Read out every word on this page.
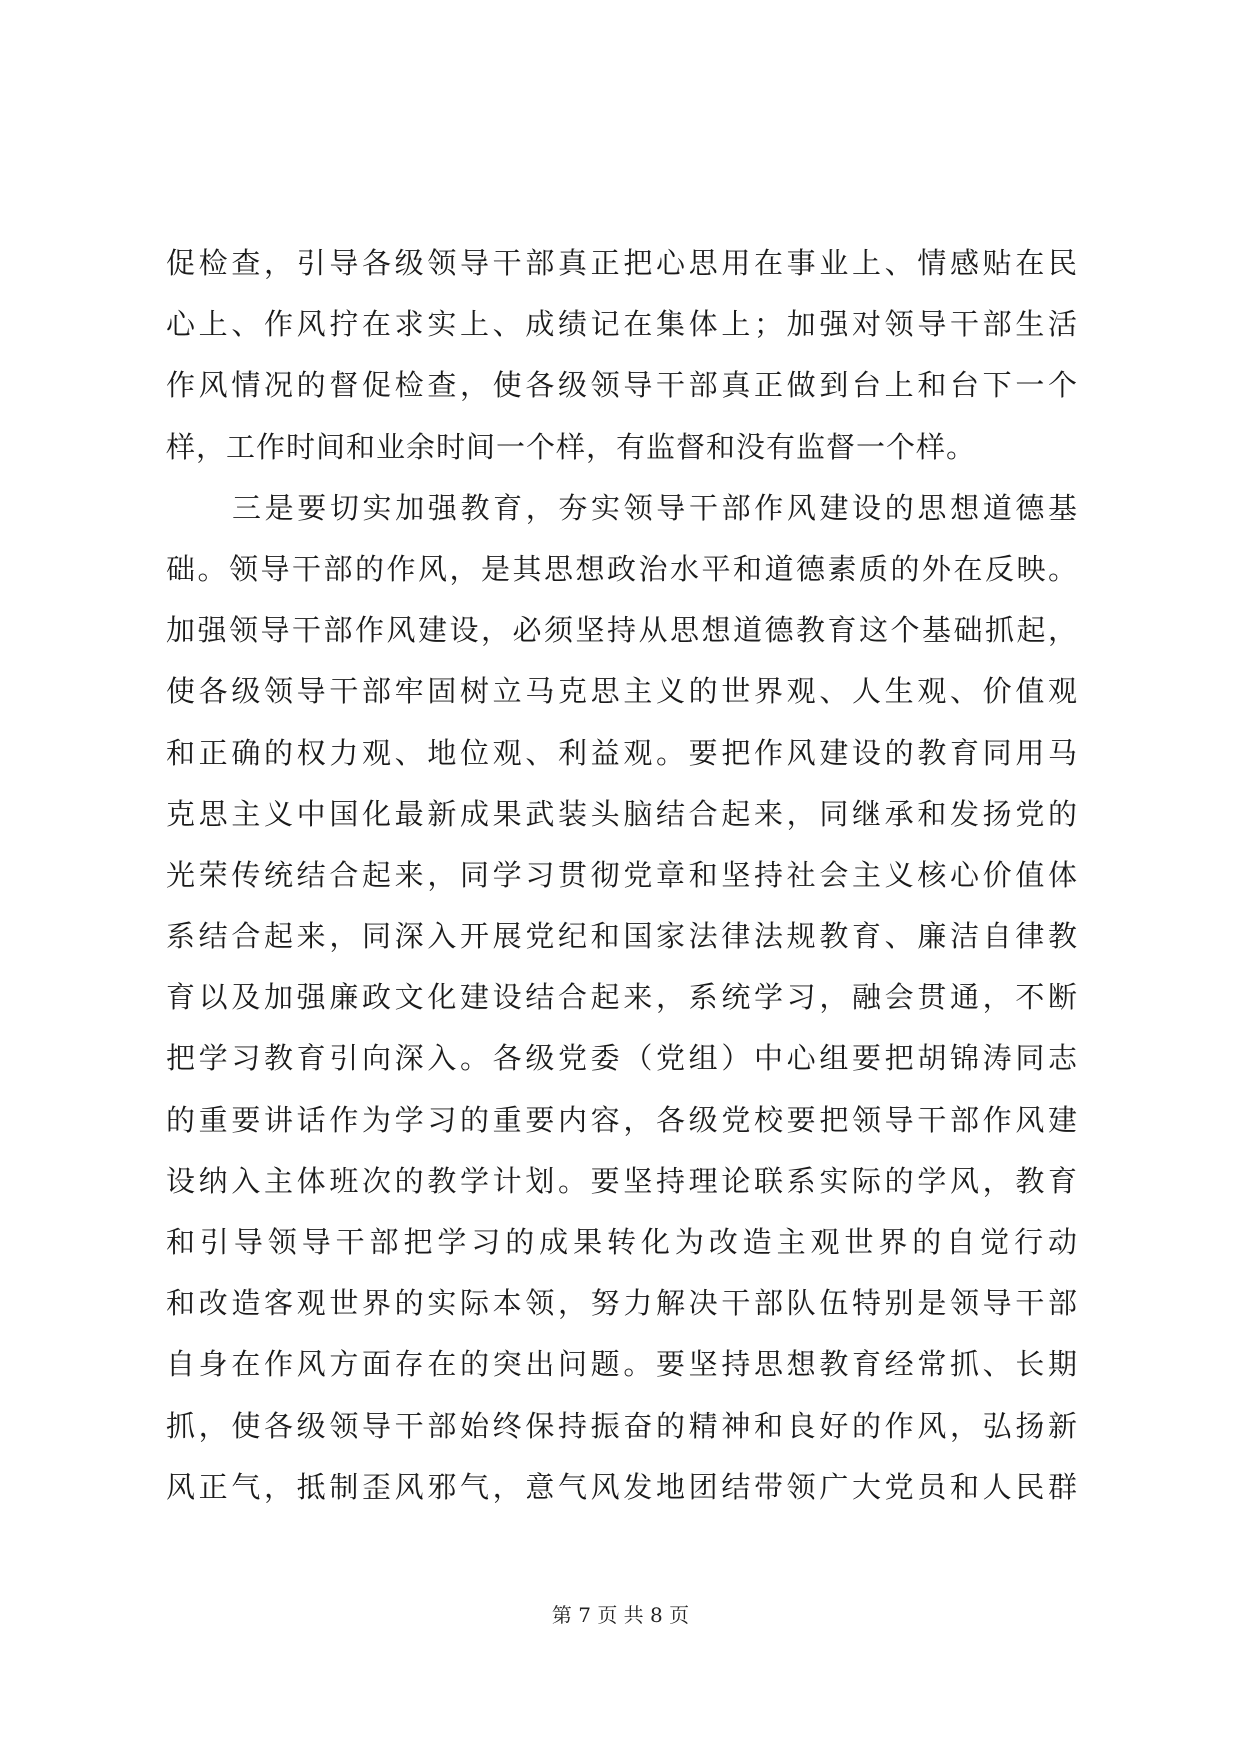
促检查，引导各级领导干部真正把心思用在事业上、情感贴在民
心上、作风拧在求实上、成绩记在集体上；加强对领导干部生活
作风情况的督促检查，使各级领导干部真正做到台上和台下一个
样，工作时间和业余时间一个样，有监督和没有监督一个样。
三是要切实加强教育，夯实领导干部作风建设的思想道德基
础。领导干部的作风，是其思想政治水平和道德素质的外在反映。
加强领导干部作风建设，必须坚持从思想道德教育这个基础抓起，
使各级领导干部牢固树立马克思主义的世界观、人生观、价值观
和正确的权力观、地位观、利益观。要把作风建设的教育同用马
克思主义中国化最新成果武装头脑结合起来，同继承和发扬党的
光荣传统结合起来，同学习贯彻党章和坚持社会主义核心价值体
系结合起来，同深入开展党纪和国家法律法规教育、廉洁自律教
育以及加强廉政文化建设结合起来，系统学习，融会贯通，不断
把学习教育引向深入。各级党委（党组）中心组要把胡锦涛同志
的重要讲话作为学习的重要内容，各级党校要把领导干部作风建
设纳入主体班次的教学计划。要坚持理论联系实际的学风，教育
和引导领导干部把学习的成果转化为改造主观世界的自觉行动
和改造客观世界的实际本领，努力解决干部队伍特别是领导干部
自身在作风方面存在的突出问题。要坚持思想教育经常抓、长期
抓，使各级领导干部始终保持振奋的精神和良好的作风，弘扬新
风正气，抵制歪风邪气，意气风发地团结带领广大党员和人民群
第 7 页 共 8 页
